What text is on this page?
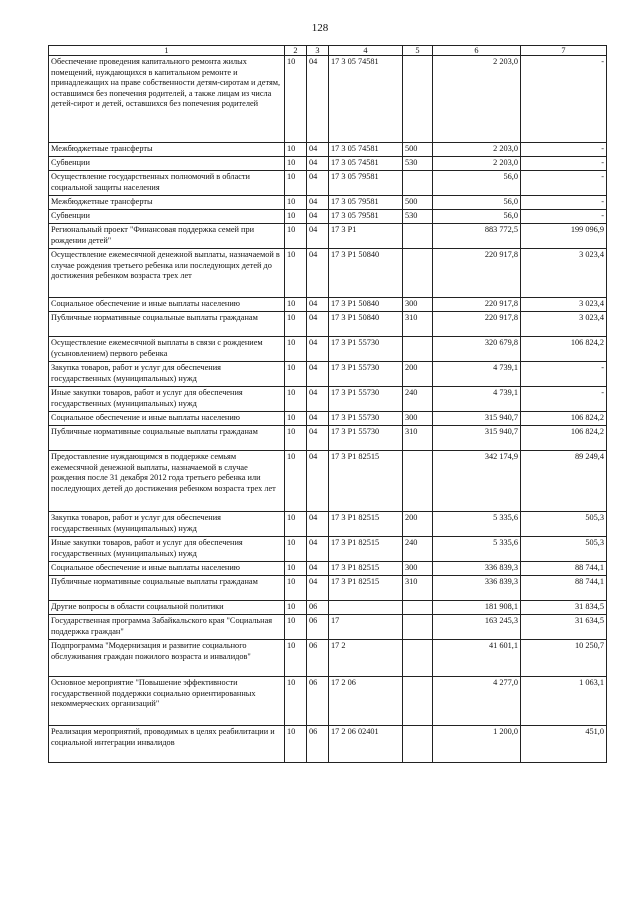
128
1	2	3	4	5	6	7
Обеспечение проведения капитального ремонта жилых помещений, нуждающихся в капитальном ремонте и принадлежащих на праве собственности детям-сиротам и детям, оставшимся без попечения родителей, а также лицам из числа детей-сирот и детей, оставшихся без попечения родителей	10	04	17 3 05 74581		2 203,0	-
Межбюджетные трансферты	10	04	17 3 05 74581	500	2 203,0	-
Субвенции	10	04	17 3 05 74581	530	2 203,0	-
Осуществление государственных полномочий в области социальной защиты населения	10	04	17 3 05 79581		56,0	-
Межбюджетные трансферты	10	04	17 3 05 79581	500	56,0	-
Субвенции	10	04	17 3 05 79581	530	56,0	-
Региональный проект "Финансовая поддержка семей при рождении детей"	10	04	17 3 P1		883 772,5	199 096,9
Осуществление ежемесячной денежной выплаты, назначаемой в случае рождения третьего ребенка или последующих детей до достижения ребенком возраста трех лет	10	04	17 3 P1 50840		220 917,8	3 023,4
Социальное обеспечение и иные выплаты населению	10	04	17 3 P1 50840	300	220 917,8	3 023,4
Публичные нормативные социальные выплаты гражданам	10	04	17 3 P1 50840	310	220 917,8	3 023,4
Осуществление ежемесячной выплаты в связи с рождением (усыновлением) первого ребенка	10	04	17 3 P1 55730		320 679,8	106 824,2
Закупка товаров, работ и услуг для обеспечения государственных (муниципальных) нужд	10	04	17 3 P1 55730	200	4 739,1	-
Иные закупки товаров, работ и услуг для обеспечения государственных (муниципальных) нужд	10	04	17 3 P1 55730	240	4 739,1	-
Социальное обеспечение и иные выплаты населению	10	04	17 3 P1 55730	300	315 940,7	106 824,2
Публичные нормативные социальные выплаты гражданам	10	04	17 3 P1 55730	310	315 940,7	106 824,2
Предоставление нуждающимся в поддержке семьям ежемесячной денежной выплаты, назначаемой в случае рождения после 31 декабря 2012 года третьего ребенка или последующих детей до достижения ребенком возраста трех лет	10	04	17 3 P1 82515		342 174,9	89 249,4
Закупка товаров, работ и услуг для обеспечения государственных (муниципальных) нужд	10	04	17 3 P1 82515	200	5 335,6	505,3
Иные закупки товаров, работ и услуг для обеспечения государственных (муниципальных) нужд	10	04	17 3 P1 82515	240	5 335,6	505,3
Социальное обеспечение и иные выплаты населению	10	04	17 3 P1 82515	300	336 839,3	88 744,1
Публичные нормативные социальные выплаты гражданам	10	04	17 3 P1 82515	310	336 839,3	88 744,1
Другие вопросы в области социальной политики	10	06			181 908,1	31 834,5
Государственная программа Забайкальского края "Социальная поддержка граждан"	10	06	17		163 245,3	31 634,5
Подпрограмма "Модернизация и развитие социального обслуживания граждан пожилого возраста и инвалидов"	10	06	17 2		41 601,1	10 250,7
Основное мероприятие "Повышение эффективности государственной поддержки социально ориентированных некоммерческих организаций"	10	06	17 2 06		4 277,0	1 063,1
Реализация мероприятий, проводимых в целях реабилитации и социальной интеграции инвалидов	10	06	17 2 06 02401		1 200,0	451,0
